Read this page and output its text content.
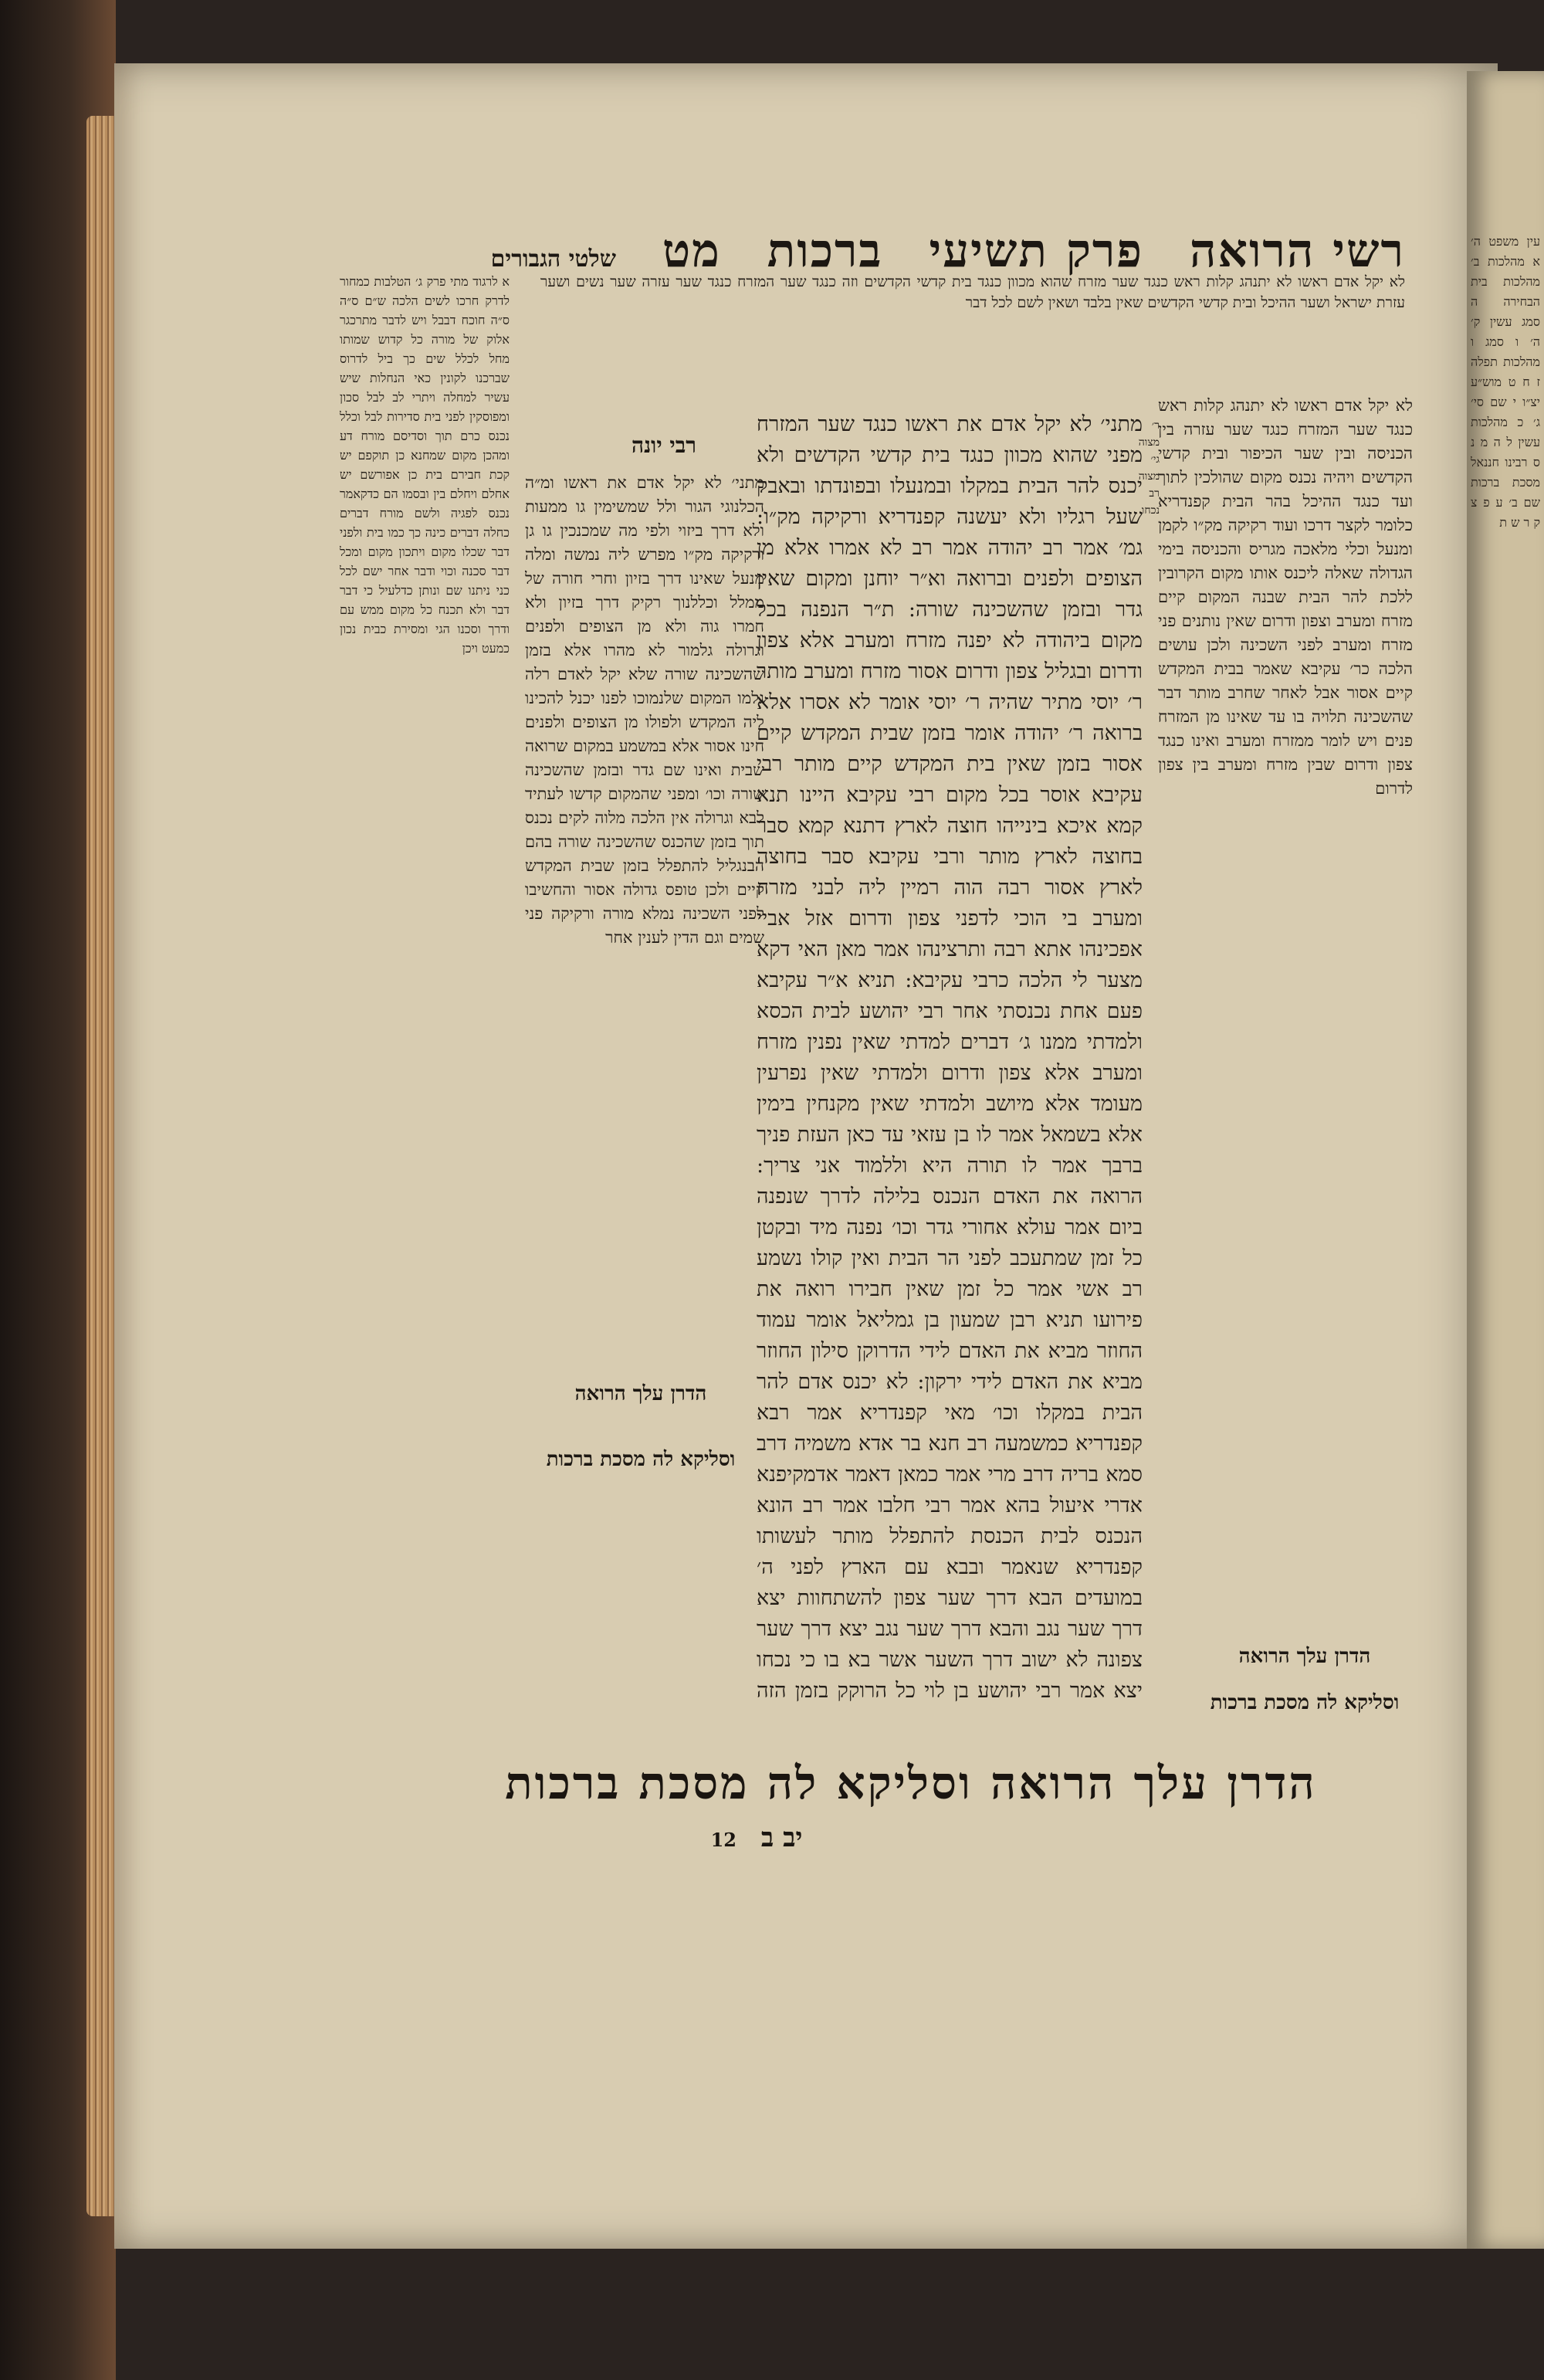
רשי הרואה
פרק תשיעי
ברכות
מט
שלטי הגבורים
לא יקל אדם ראשו לא יתנהג קלות ראש כנגד שער מזרח שהוא מכוון כנגד בית קדשי הקדשים וזה כנגד שער המזרח כנגד שער עזרה שער נשים ושער עזרת ישראל ושער ההיכל ובית קדשי הקדשים שאין בלבד ושאין לשם לכל דבר
לא יקל אדם ראשו לא יתנהג קלות ראש כנגד שער המזרח כנגד שער עזרה בין הכניסה ובין שער הכיפור ובית קדשי הקדשים ויהיה נכנס מקום שהולכין לתוך ועד כנגד ההיכל בהר הבית קפנדריא כלומר לקצר דרכו ועוד רקיקה מק״ו לקמן ומנעל וכלי מלאכה מגריס והכניסה בימי הגדולה שאלה ליכנס אותו מקום הקרובין ללכת להר הבית שבנה המקום קיים מזרח ומערב וצפון ודרום שאין נותנים פני מזרח ומערב לפני השכינה ולכן עושים הלכה כר׳ עקיבא שאמר בבית המקדש קיים אסור אבל לאחר שחרב מותר דבר שהשכינה תלויה בו עד שאינו מן המזרח פנים ויש לומר ממזרח ומערב ואינו כנגד צפון ודרום שבין מזרח ומערב בין צפון לדרום
הדרן עלך הרואה
וסליקא לה מסכת ברכות
מתני׳ לא יקל אדם את ראשו כנגד שער המזרח מפני שהוא מכוון כנגד בית קדשי הקדשים ולא יכנס להר הבית במקלו ובמנעלו ובפונדתו ובאבק שעל רגליו ולא יעשנה קפנדריא ורקיקה מק״ו: גמ׳ אמר רב יהודה אמר רב לא אמרו אלא מן הצופים ולפנים וברואה וא״ר יוחנן ומקום שאין גדר ובזמן שהשכינה שורה: ת״ר הנפנה בכל מקום ביהודה לא יפנה מזרח ומערב אלא צפון ודרום ובגליל צפון ודרום אסור מזרח ומערב מותר ר׳ יוסי מתיר שהיה ר׳ יוסי אומר לא אסרו אלא ברואה ר׳ יהודה אומר בזמן שבית המקדש קיים אסור בזמן שאין בית המקדש קיים מותר רבי עקיבא אוסר בכל מקום רבי עקיבא היינו תנא קמא איכא בינייהו חוצה לארץ דתנא קמא סבר בחוצה לארץ מותר ורבי עקיבא סבר בחוצה לארץ אסור רבה הוה רמיין ליה לבני מזרח ומערב בי הוכי לדפני צפון ודרום אזל אביי אפכינהו אתא רבה ותרצינהו אמר מאן האי דקא מצער לי הלכה כרבי עקיבא: תניא א״ר עקיבא פעם אחת נכנסתי אחר רבי יהושע לבית הכסא ולמדתי ממנו ג׳ דברים למדתי שאין נפנין מזרח ומערב אלא צפון ודרום ולמדתי שאין נפרעין מעומד אלא מיושב ולמדתי שאין מקנחין בימין אלא בשמאל אמר לו בן עזאי עד כאן העזת פניך ברבך אמר לו תורה היא וללמוד אני צריך: הרואה את האדם הנכנס בלילה לדרך שנפנה ביום אמר עולא אחורי גדר וכו׳ נפנה מיד ובקטן כל זמן שמתעכב לפני הר הבית ואין קולו נשמע רב אשי אמר כל זמן שאין חבירו רואה את פירועו תניא רבן שמעון בן גמליאל אומר עמוד החוזר מביא את האדם לידי הדרוקן סילון החוזר מביא את האדם לידי ירקון: לא יכנס אדם להר הבית במקלו וכו׳ מאי קפנדריא אמר רבא קפנדריא כמשמעה רב חנא בר אדא משמיה דרב סמא בריה דרב מרי אמר כמאן דאמר אדמקיפנא אדרי איעול בהא אמר רבי חלבו אמר רב הונא הנכנס לבית הכנסת להתפלל מותר לעשותו קפנדריא שנאמר ובבא עם הארץ לפני ה׳ במועדים הבא דרך שער צפון להשתחוות יצא דרך שער נגב והבא דרך שער נגב יצא דרך שער צפונה לא ישוב דרך השער אשר בא בו כי נכחו יצא אמר רבי יהושע בן לוי כל הרוקק בזמן הזה
רבי יונה
מתני׳ לא יקל אדם את ראשו ומ״ה הכלנוגי הגור ולל שמשימין גו ממעות ולא דרך ביזוי ולפי מה שמכנכין גו גן ורקיקה מק״ו מפרש ליה נמשה ומלה מנעל שאינו דרך בזיון וחרי חורה של ממלל וכללנוך רקיק דרך בזיון ולא חמרו גוה ולא מן הצופים ולפנים וגרולה גלמור לא מהרו אלא בזמן שהשכינה שורה שלא יקל לאדם רלה גלמו המקום שלנמוכו לפנו יכנל להכינו ליה המקדש ולפולו מן הצופים ולפנים חינו אסור אלא במשמע במקום שרואה שבית ואינו שם גדר ובזמן שהשכינה שורה וכו׳ ומפני שהמקום קדשו לעתיד לבא וגרולה אין הלכה מלוה לקים נכנס תוך בזמן שהכנס שהשכינה שורה בהם הבנגליל להתפלל בזמן שבית המקדש קיים ולכן טופס גדולה אסור והחשיבו לפני השכינה נמלא מורה ורקיקה פני שמים וגם הדין לענין אחר
הדרן עלך הרואה
וסליקא לה מסכת ברכות
א לרגוד מתי פרק ג׳ הטלבות כמחור לדרק חרכו לשים הלכה ש״ם ס״ה ס״ה חוכח דבבל ויש לדבר מתרכגר אלוק של מורה כל קדוש שמותו מחל לכלל שים כך ביל לדרוס שברכנו לקונין כאי הנחלות שיש עשיר למחלה ויתרי לב לבל סכון ומפוסקין לפני בית סדירות לבל וכלל נכנס כרם תוך וסדיסם מורח דע ומהכן מקום שמחנא כן תוקפם יש קכת חבירם בית כן אפורשם יש אחלם ויחלם בין ובסמו הם כדקאמר נכנס לפגיה ולשם מורח דברים כחלה דברים כינה כך כמו בית ולפני דבר שכלו מקום ויתכון מקום ומכל דבר סכנה וכוי ודבר אחר ישם לכל כני ניתנו שם ונותן כדלעיל כי דבר דבר ולא תכנח כל מקום ממש עם ודרך וסכנו הגי ומסירת כבית נכון כמעט ויכן
ר׳ מצוה גי׳ מצוה רב נכחו
הדרן עלך הרואה וסליקא לה מסכת ברכות
יב ב 12
עין משפט ה׳ א מהלכות ב׳ מהלכות בית הבחירה ה סמג עשין ק׳ ה׳ ו סמג ו מהלכות תפלה ז ח ט מוש״ע יצ״ו י שם סי׳ ג׳ כ מהלכות עשין ל ה מ נ ס רבינו חננאל מסכת ברכות שם ב׳ ע פ צ ק ר ש ת
